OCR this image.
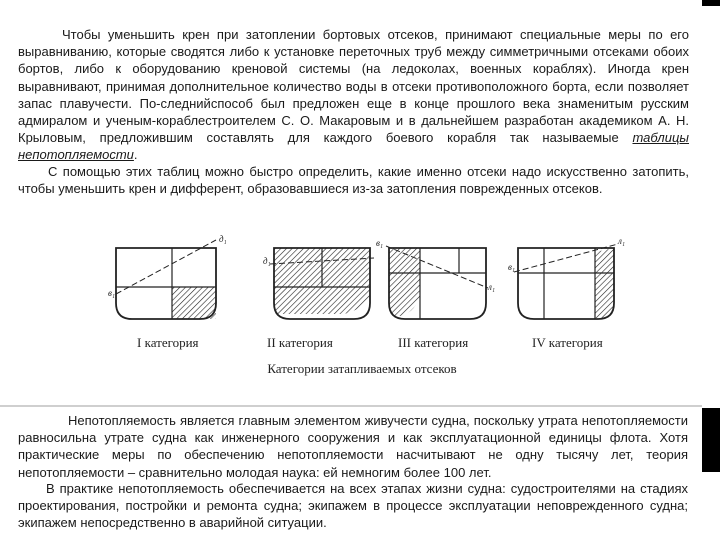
Чтобы уменьшить крен при затоплении бортовых отсеков, принимают специальные меры по его выравниванию, которые сводятся либо к установке переточных труб между симметричными отсеками обоих бортов, либо к оборудованию креновой системы (на ледоколах, военных кораблях). Иногда крен выравнивают, принимая дополнительное количество воды в отсеки противоположного борта, если позволяет запас плавучести. По-следнийспособ был предложен еще в конце прошлого века знаменитым русским адмиралом и ученым-кораблестроителем С. О. Макаровым и в дальнейшем разработан академиком А. Н. Крыловым, предложившим составлять для каждого боевого корабля так называемые таблицы непотопляемости.

С помощью этих таблиц можно быстро определить, какие именно отсеки надо искусственно затопить, чтобы уменьшить крен и дифферент, образовавшиеся из-за затопления поврежденных отсеков.

в₁
д₁
д₁
в₁
л₁
в₁
л₁
I категория	II категория	III категория	IV категория
Категории затапливаемых отсеков

Непотопляемость является главным элементом живучести судна, поскольку утрата непотопляемости равносильна утрате судна как инженерного сооружения и как эксплуатационной единицы флота. Хотя практические меры по обеспечению непотопляемости насчитывают не одну тысячу лет, теория непотопляемости – сравнительно молодая наука: ей немногим более 100 лет.

В практике непотопляемость обеспечивается на всех этапах жизни судна: судостроителями на стадиях проектирования, постройки и ремонта судна; экипажем в процессе эксплуатации неповрежденного судна; экипажем непосредственно в аварийной ситуации.
